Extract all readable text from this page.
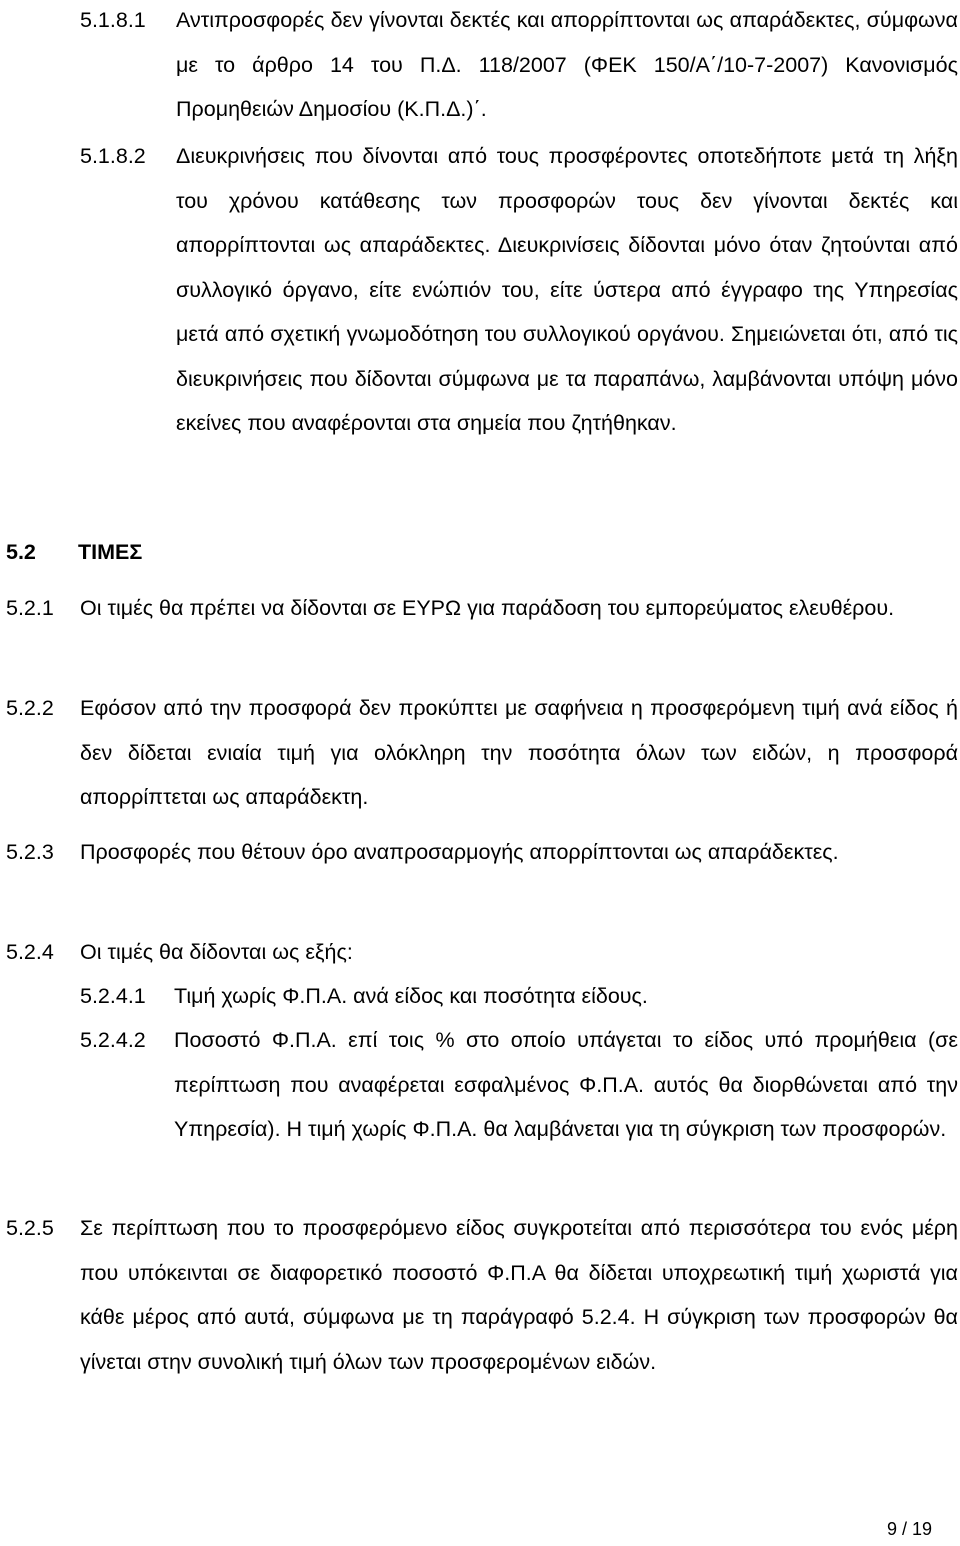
5.1.8.1 Αντιπροσφορές δεν γίνονται δεκτές και απορρίπτονται ως απαράδεκτες, σύμφωνα με το άρθρο 14 του Π.Δ. 118/2007 (ΦΕΚ 150/Α΄/10-7-2007) Κανονισμός Προμηθειών Δημοσίου (Κ.Π.Δ.)΄.
5.1.8.2 Διευκρινήσεις που δίνονται από τους προσφέροντες οποτεδήποτε μετά τη λήξη του χρόνου κατάθεσης των προσφορών τους δεν γίνονται δεκτές και απορρίπτονται ως απαράδεκτες. Διευκρινίσεις δίδονται μόνο όταν ζητούνται από συλλογικό όργανο, είτε ενώπιόν του, είτε ύστερα από έγγραφο της Υπηρεσίας μετά από σχετική γνωμοδότηση του συλλογικού οργάνου. Σημειώνεται ότι, από τις διευκρινήσεις που δίδονται σύμφωνα με τα παραπάνω, λαμβάνονται υπόψη μόνο εκείνες που αναφέρονται στα σημεία που ζητήθηκαν.
5.2 ΤΙΜΕΣ
5.2.1 Οι τιμές θα πρέπει να δίδονται σε ΕΥΡΩ για παράδοση του εμπορεύματος ελευθέρου.
5.2.2 Εφόσον από την προσφορά δεν προκύπτει με σαφήνεια η προσφερόμενη τιμή ανά είδος ή δεν δίδεται ενιαία τιμή για ολόκληρη την ποσότητα όλων των ειδών, η προσφορά απορρίπτεται ως απαράδεκτη.
5.2.3 Προσφορές που θέτουν όρο αναπροσαρμογής απορρίπτονται ως απαράδεκτες.
5.2.4 Οι τιμές θα δίδονται ως εξής:
5.2.4.1 Τιμή χωρίς Φ.Π.Α. ανά είδος και ποσότητα είδους.
5.2.4.2 Ποσοστό Φ.Π.Α. επί τοις % στο οποίο υπάγεται το είδος υπό προμήθεια (σε περίπτωση που αναφέρεται εσφαλμένος Φ.Π.Α. αυτός θα διορθώνεται από την Υπηρεσία). Η τιμή χωρίς Φ.Π.Α. θα λαμβάνεται για τη σύγκριση των προσφορών.
5.2.5 Σε περίπτωση που το προσφερόμενο είδος συγκροτείται από περισσότερα του ενός μέρη που υπόκεινται σε διαφορετικό ποσοστό Φ.Π.Α θα δίδεται υποχρεωτική τιμή χωριστά για κάθε μέρος από αυτά, σύμφωνα με τη παράγραφό 5.2.4. Η σύγκριση των προσφορών θα γίνεται στην συνολική τιμή όλων των προσφερομένων ειδών.
9 / 19
